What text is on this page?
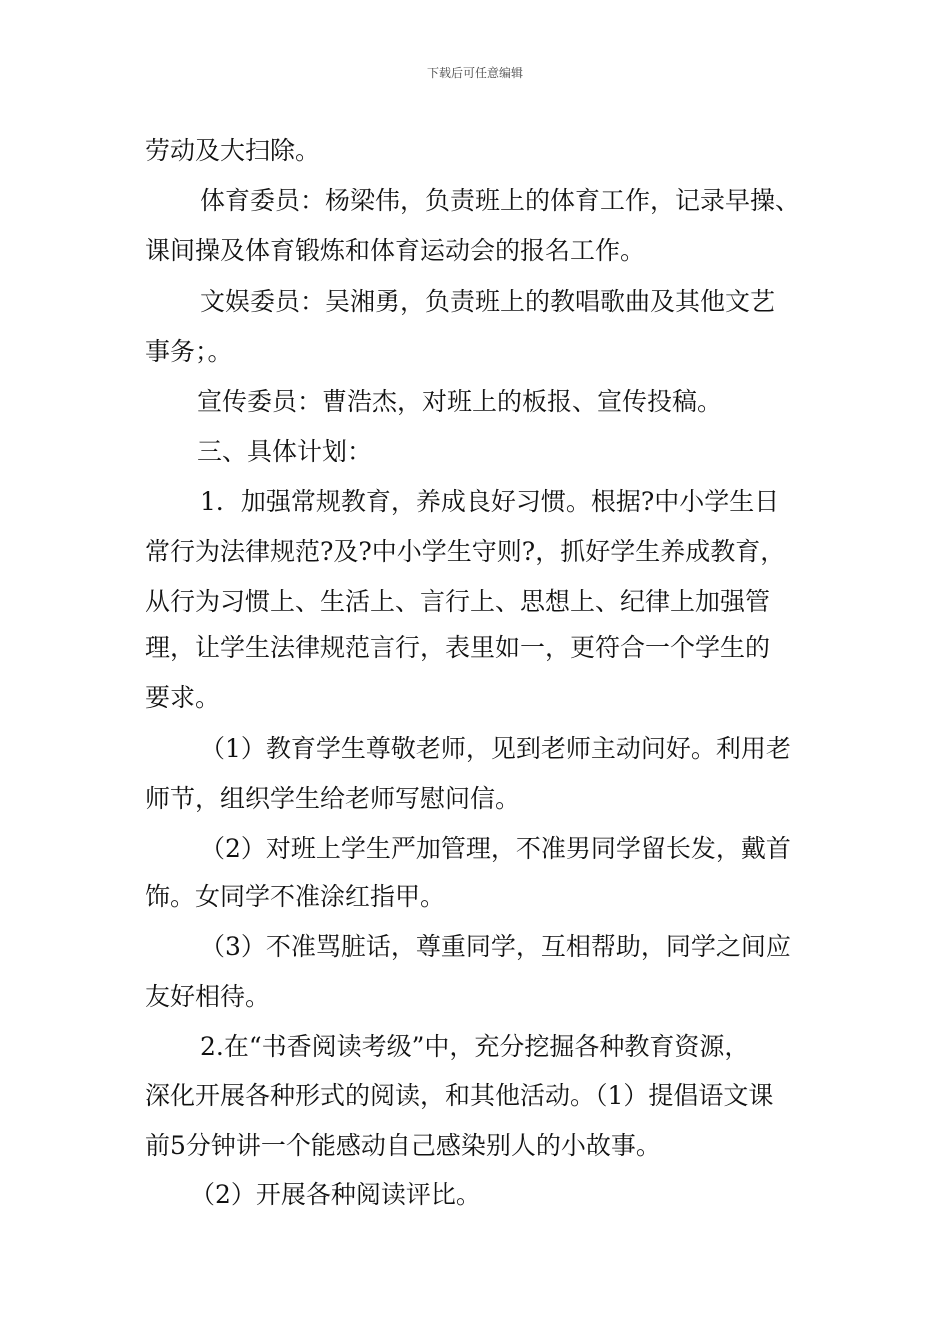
下载后可任意编辑
劳动及大扫除。
体育委员：杨梁伟，负责班上的体育工作，记录早操、
课间操及体育锻炼和体育运动会的报名工作。
文娱委员：吴湘勇，负责班上的教唱歌曲及其他文艺
事务；。
宣传委员：曹浩杰，对班上的板报、宣传投稿。
三、具体计划：
1．加强常规教育，养成良好习惯。根据?中小学生日
常行为法律规范?及?中小学生守则?，抓好学生养成教育，
从行为习惯上、生活上、言行上、思想上、纪律上加强管
理，让学生法律规范言行，表里如一，更符合一个学生的
要求。
（1）教育学生尊敬老师，见到老师主动问好。利用老
师节，组织学生给老师写慰问信。
（2）对班上学生严加管理，不准男同学留长发，戴首
饰。女同学不准涂红指甲。
（3）不准骂脏话，尊重同学，互相帮助，同学之间应
友好相待。
2.在“书香阅读考级”中，充分挖掘各种教育资源，
深化开展各种形式的阅读，和其他活动。（1）提倡语文课
前5分钟讲一个能感动自己感染别人的小故事。
（2）开展各种阅读评比。
